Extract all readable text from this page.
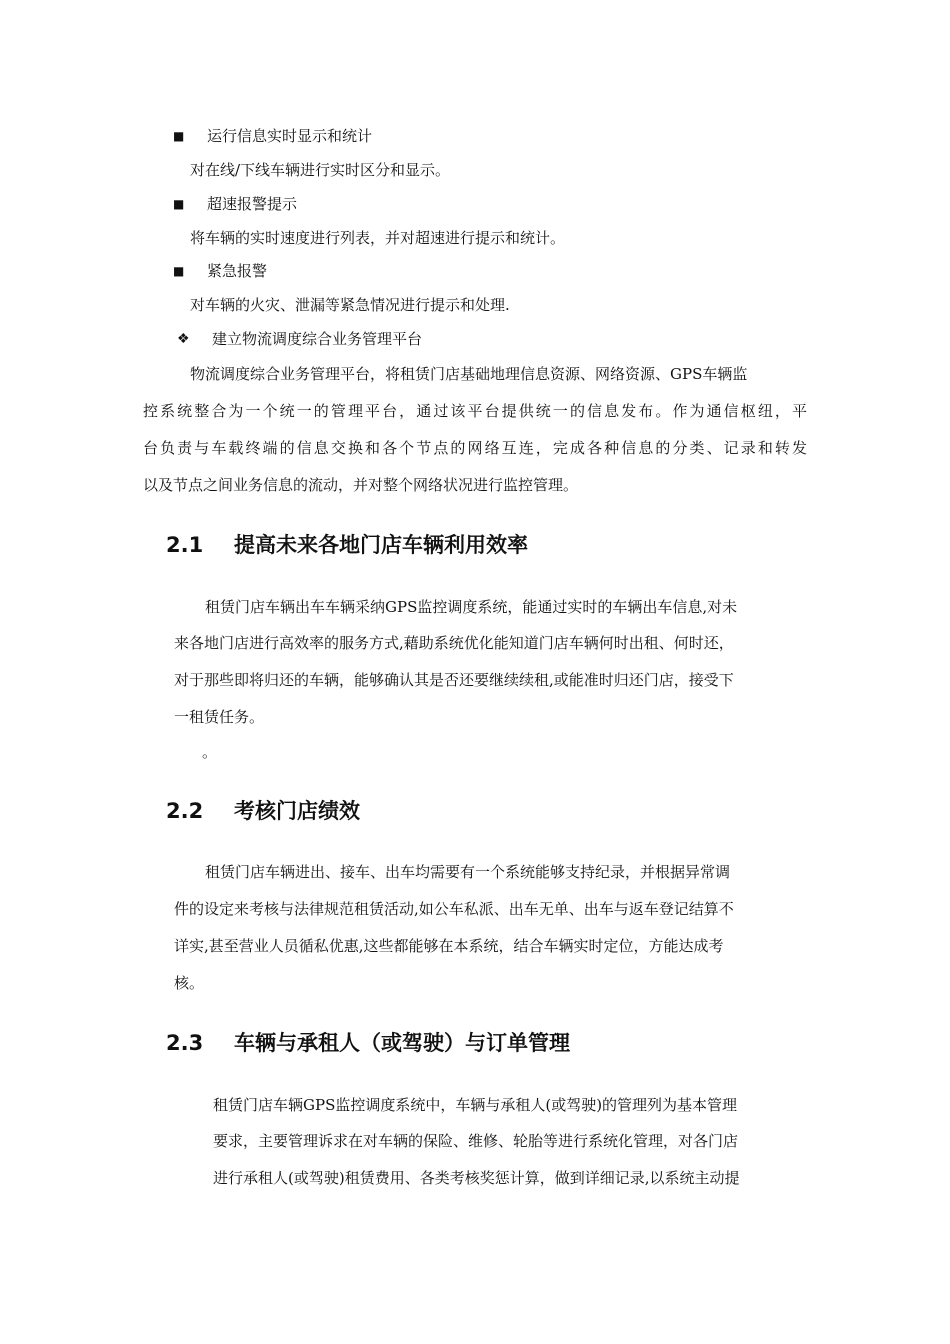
■ 运行信息实时显示和统计
对在线/下线车辆进行实时区分和显示。
■ 超速报警提示
将车辆的实时速度进行列表，并对超速进行提示和统计。
■ 紧急报警
对车辆的火灾、泄漏等紧急情况进行提示和处理.
❖ 建立物流调度综合业务管理平台
物流调度综合业务管理平台，将租赁门店基础地理信息资源、网络资源、GPS车辆监
控系统整合为一个统一的管理平台，通过该平台提供统一的信息发布。作为通信枢纽，平
台负责与车载终端的信息交换和各个节点的网络互连，完成各种信息的分类、记录和转发
以及节点之间业务信息的流动，并对整个网络状况进行监控管理。
2.1 提高未来各地门店车辆利用效率
租赁门店车辆出车车辆采纳GPS监控调度系统，能通过实时的车辆出车信息,对未
来各地门店进行高效率的服务方式,藉助系统优化能知道门店车辆何时出租、何时还，
对于那些即将归还的车辆，能够确认其是否还要继续续租,或能准时归还门店，接受下
一租赁任务。
。
2.2 考核门店绩效
租赁门店车辆进出、接车、出车均需要有一个系统能够支持纪录，并根据异常调
件的设定来考核与法律规范租赁活动,如公车私派、出车无单、出车与返车登记结算不
详实,甚至营业人员循私优惠,这些都能够在本系统，结合车辆实时定位，方能达成考
核。
2.3 车辆与承租人（或驾驶）与订单管理
租赁门店车辆GPS监控调度系统中，车辆与承租人(或驾驶)的管理列为基本管理
要求，主要管理诉求在对车辆的保险、维修、轮胎等进行系统化管理，对各门店
进行承租人(或驾驶)租赁费用、各类考核奖惩计算，做到详细记录,以系统主动提
